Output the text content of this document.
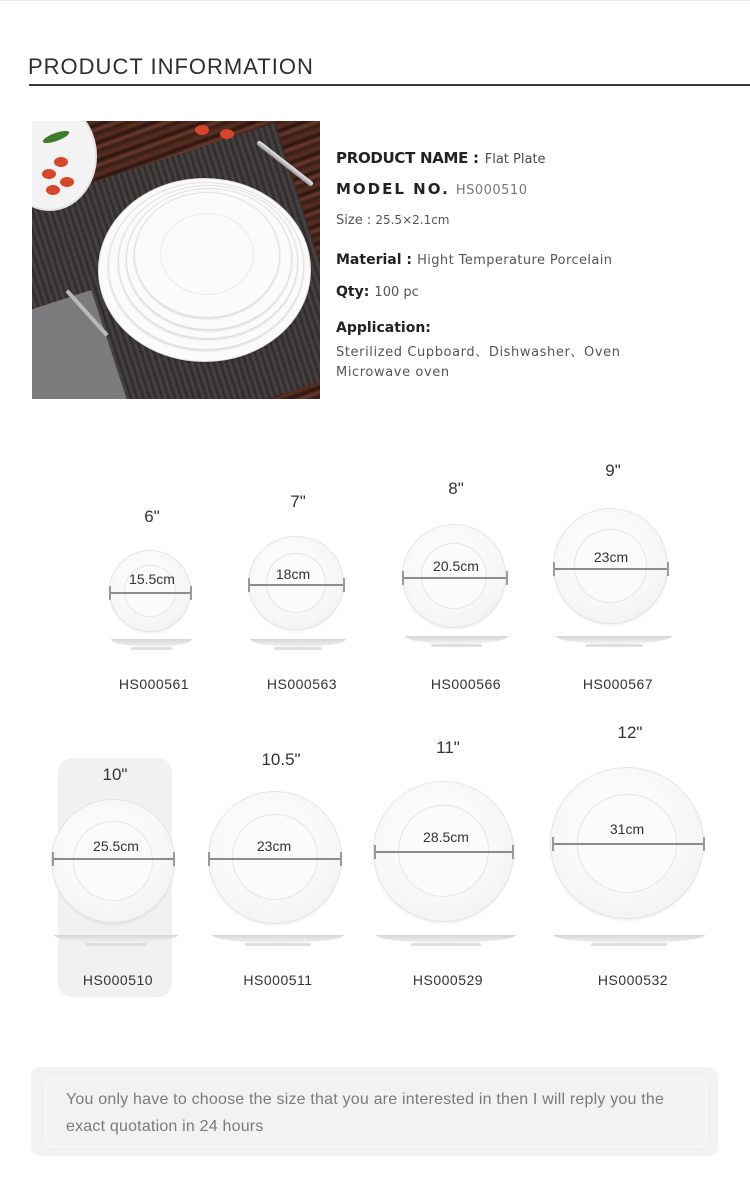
PRODUCT INFORMATION
PRODUCT NAME : Flat Plate
MODEL NO. HS000510
Size : 25.5×2.1cm
Material : Hight Temperature Porcelain
Qty: 100 pc
Application:
Sterilized Cupboard、Dishwasher、Oven
Microwave oven
6"
15.5cm
HS000561
7"
18cm
HS000563
8"
20.5cm
HS000566
9"
23cm
HS000567
10"
25.5cm
HS000510
10.5"
23cm
HS000511
11"
28.5cm
HS000529
12"
31cm
HS000532

You only have to choose the size that you are interested in then I will reply you the exact quotation in 24 hours
